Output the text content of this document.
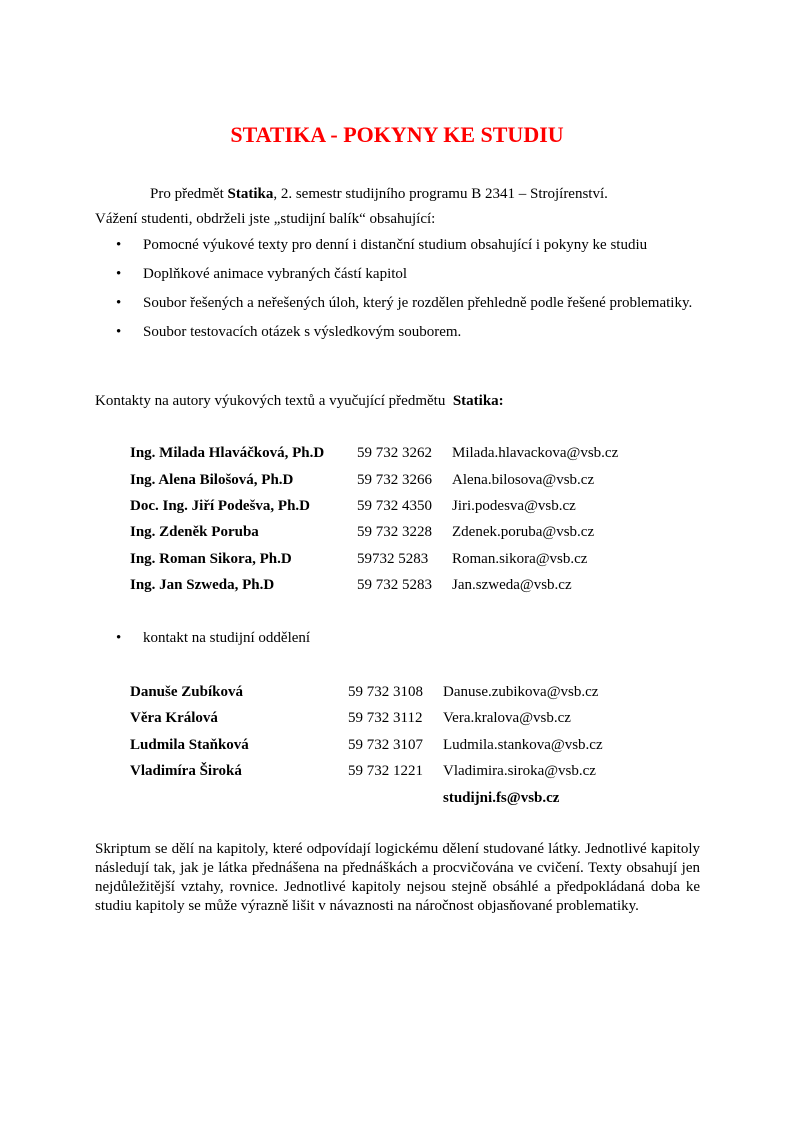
STATIKA - POKYNY KE STUDIU
Pro předmět Statika, 2. semestr studijního programu B 2341 – Strojírenství.
Vážení studenti, obdrželi jste „studijní balík“ obsahující:
• Pomocné výukové texty pro denní i distanční studium obsahující i pokyny ke studiu
• Doplňkové animace vybraných částí kapitol
• Soubor řešených a neřešených úloh, který je rozdělen přehledně podle řešené problematiky.
• Soubor testovacích otázek s výsledkovým souborem.
Kontakty na autory výukových textů a vyučující předmětu Statika:
Ing. Milada Hlaváčková, Ph.D 59 732 3262 Milada.hlavackova@vsb.cz
Ing. Alena Bilošová, Ph.D	59 732 3266 Alena.bilosova@vsb.cz
Doc. Ing. Jiří Podešva, Ph.D	59 732 4350 Jiri.podesva@vsb.cz
Ing. Zdeněk Poruba	59 732 3228 Zdenek.poruba@vsb.cz
Ing. Roman Sikora, Ph.D	59732 5283 Roman.sikora@vsb.cz
Ing. Jan Szweda, Ph.D	59 732 5283 Jan.szweda@vsb.cz
• kontakt na studijní oddělení
Danuše Zubíková	59 732 3108 Danuse.zubikova@vsb.cz
Věra Králová	59 732 3112 Vera.kralova@vsb.cz
Ludmila Staňková	59 732 3107 Ludmila.stankova@vsb.cz
Vladimíra Široká	59 732 1221 Vladimira.siroka@vsb.cz
studijni.fs@vsb.cz

Skriptum se dělí na kapitoly, které odpovídají logickému dělení studované látky. Jednotlivé kapitoly následují tak, jak je látka přednášena na přednáškách a procvičována ve cvičení. Texty obsahují jen nejdůležitější vztahy, rovnice. Jednotlivé kapitoly nejsou stejně obsáhlé a předpokládaná doba ke studiu kapitoly se může výrazně lišit v návaznosti na náročnost objasňované problematiky.
